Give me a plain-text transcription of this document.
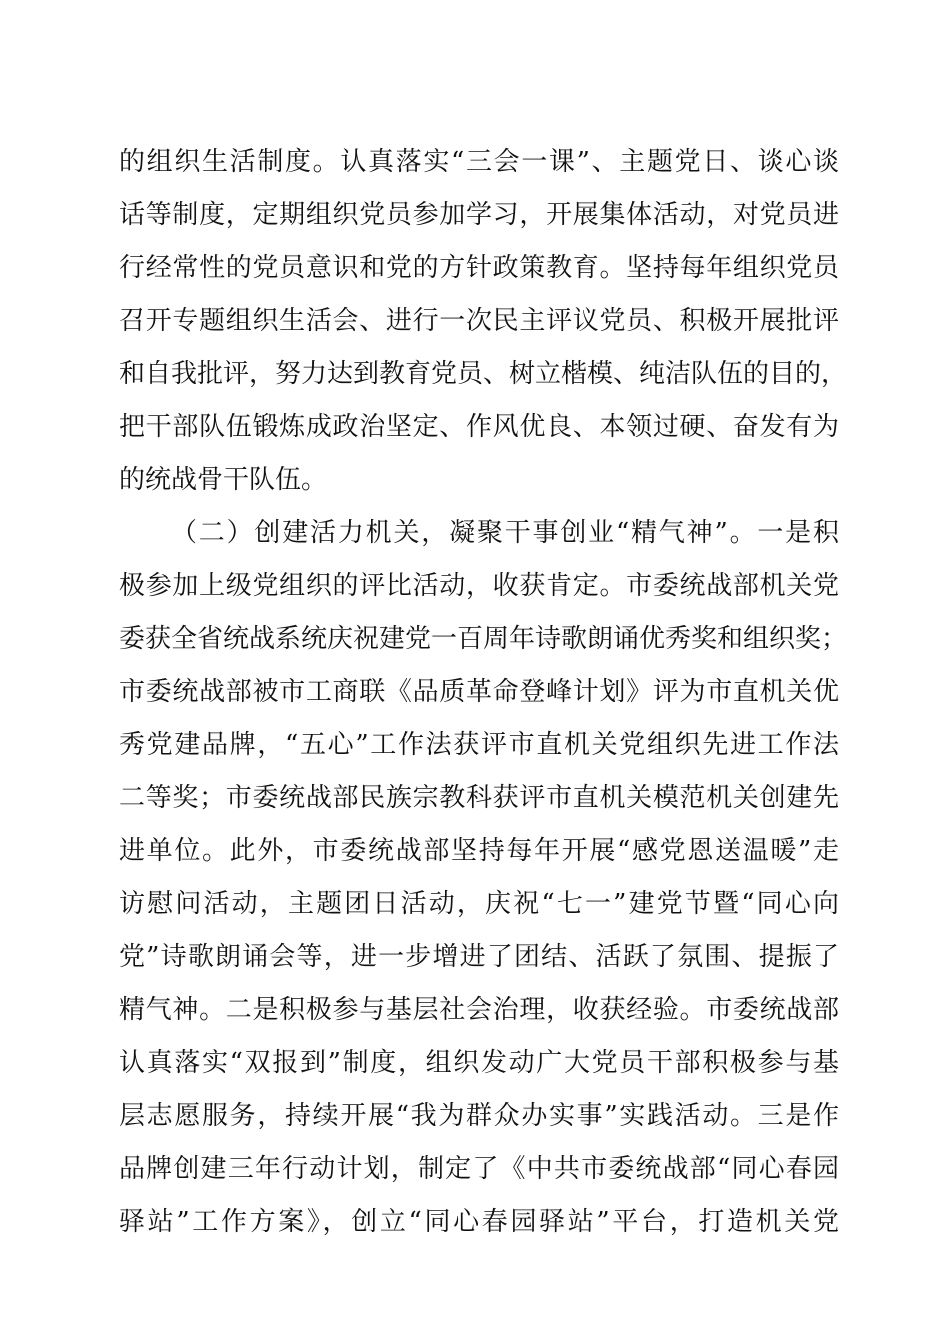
的组织生活制度。认真落实“三会一课”、主题党日、谈心谈
话等制度，定期组织党员参加学习，开展集体活动，对党员进
行经常性的党员意识和党的方针政策教育。坚持每年组织党员
召开专题组织生活会、进行一次民主评议党员、积极开展批评
和自我批评，努力达到教育党员、树立楷模、纯洁队伍的目的，
把干部队伍锻炼成政治坚定、作风优良、本领过硬、奋发有为
的统战骨干队伍。
（二）创建活力机关，凝聚干事创业“精气神”。一是积
极参加上级党组织的评比活动，收获肯定。市委统战部机关党
委获全省统战系统庆祝建党一百周年诗歌朗诵优秀奖和组织奖；
市委统战部被市工商联《品质革命登峰计划》评为市直机关优
秀党建品牌，“五心”工作法获评市直机关党组织先进工作法
二等奖；市委统战部民族宗教科获评市直机关模范机关创建先
进单位。此外，市委统战部坚持每年开展“感党恩送温暖”走
访慰问活动，主题团日活动，庆祝“七一”建党节暨“同心向
党”诗歌朗诵会等，进一步增进了团结、活跃了氛围、提振了
精气神。二是积极参与基层社会治理，收获经验。市委统战部
认真落实“双报到”制度，组织发动广大党员干部积极参与基
层志愿服务，持续开展“我为群众办实事”实践活动。三是作
品牌创建三年行动计划，制定了《中共市委统战部“同心春园
驿站”工作方案》，创立“同心春园驿站”平台，打造机关党
